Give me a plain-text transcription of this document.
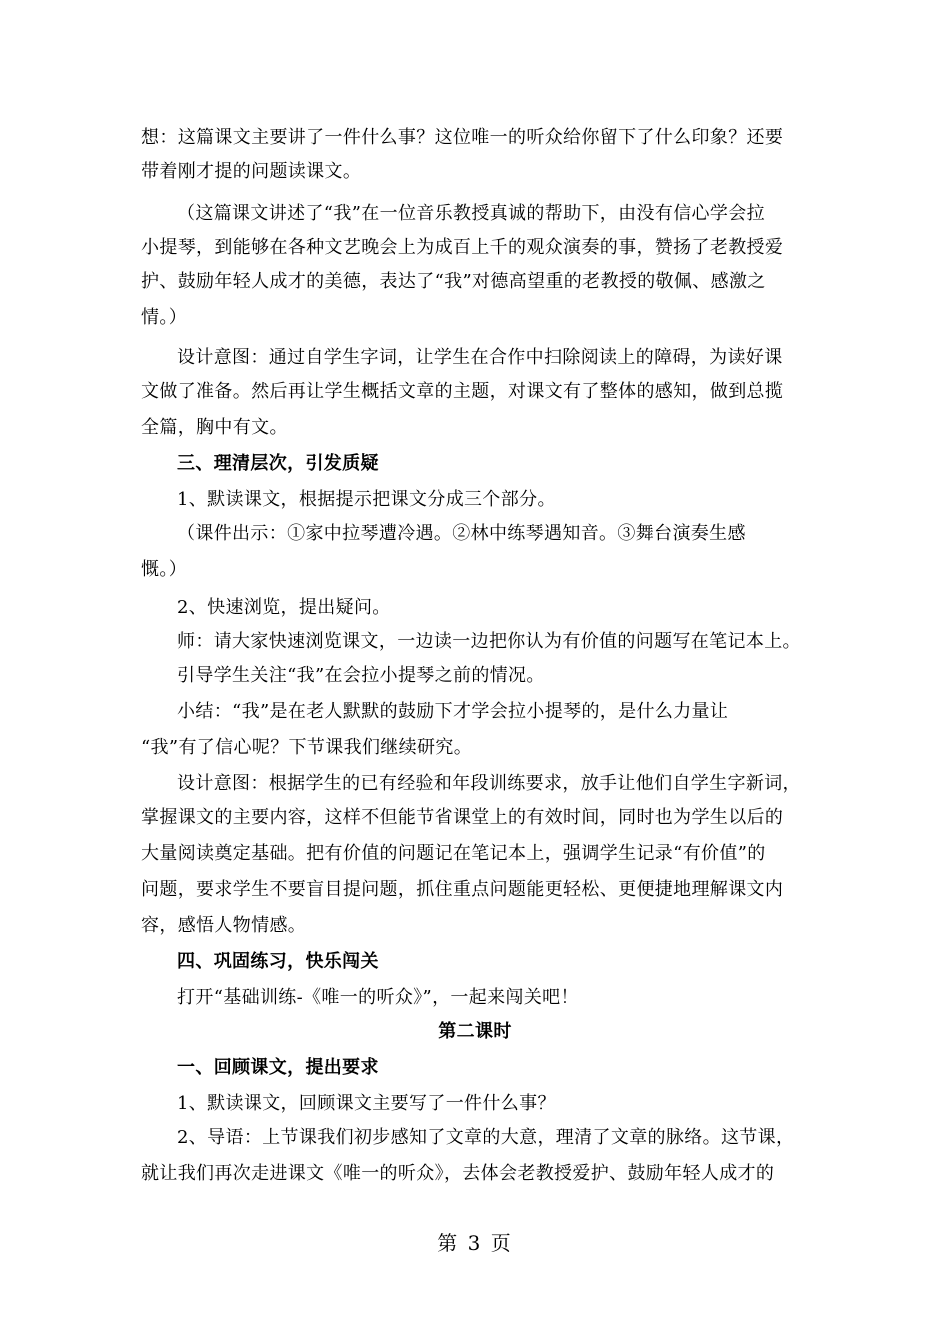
想：这篇课文主要讲了一件什么事？这位唯一的听众给你留下了什么印象？还要
带着刚才提的问题读课文。
（这篇课文讲述了“我”在一位音乐教授真诚的帮助下，由没有信心学会拉
小提琴，到能够在各种文艺晚会上为成百上千的观众演奏的事，赞扬了老教授爱
护、鼓励年轻人成才的美德，表达了“我”对德高望重的老教授的敬佩、感激之
情。）
设计意图：通过自学生字词，让学生在合作中扫除阅读上的障碍，为读好课
文做了准备。然后再让学生概括文章的主题，对课文有了整体的感知，做到总揽
全篇，胸中有文。
三、理清层次，引发质疑
1、默读课文，根据提示把课文分成三个部分。
（课件出示：①家中拉琴遭冷遇。②林中练琴遇知音。③舞台演奏生感
慨。）
2、快速浏览，提出疑问。
师：请大家快速浏览课文，一边读一边把你认为有价值的问题写在笔记本上。
引导学生关注“我”在会拉小提琴之前的情况。
小结：“我”是在老人默默的鼓励下才学会拉小提琴的，是什么力量让
“我”有了信心呢？下节课我们继续研究。
设计意图：根据学生的已有经验和年段训练要求，放手让他们自学生字新词，
掌握课文的主要内容，这样不但能节省课堂上的有效时间，同时也为学生以后的
大量阅读奠定基础。把有价值的问题记在笔记本上，强调学生记录“有价值”的
问题，要求学生不要盲目提问题，抓住重点问题能更轻松、更便捷地理解课文内
容，感悟人物情感。
四、巩固练习，快乐闯关
打开“基础训练-《唯一的听众》”，一起来闯关吧！
第二课时
一、回顾课文，提出要求
1、默读课文，回顾课文主要写了一件什么事？
2、导语：上节课我们初步感知了文章的大意，理清了文章的脉络。这节课，
就让我们再次走进课文《唯一的听众》，去体会老教授爱护、鼓励年轻人成才的
第 3 页
